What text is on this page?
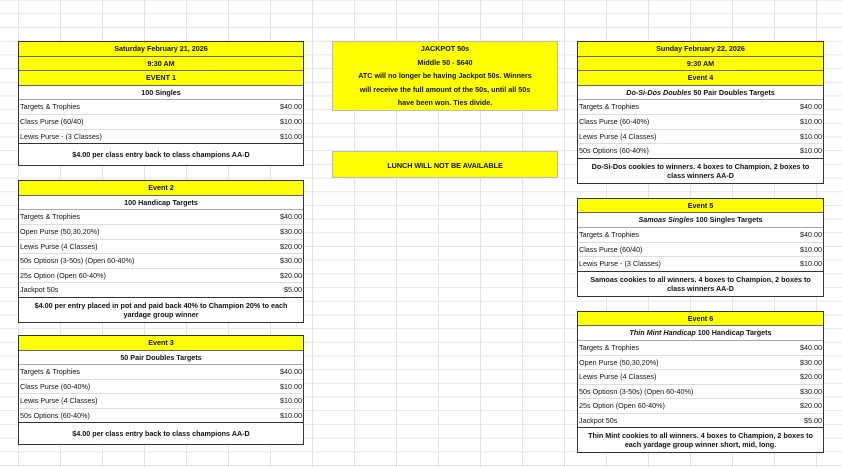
Saturday February 21, 2026
9:30 AM
EVENT 1
100 Singles
Targets & Trophies	$40.00
Class Purse (60/40)	$10.00
Lewis Purse - (3 Classes)	$10.00
$4.00 per class entry back to class champions AA-D
Event 2
100 Handicap Targets
Targets & Trophies	$40.00
Open Purse (50,30,20%)	$30.00
Lewis Purse (4 Classes)	$20.00
50s Optiosn (3-50s) (Open 60-40%)	$30.00
25s Option (Open 60-40%)	$20.00
Jackpot 50s	$5.00
$4.00 per entry placed in pot and paid back 40% to Champion 20% to each yardage group winner
Event 3
50 Pair Doubles Targets
Targets & Trophies	$40.00
Class Purse (60-40%)	$10.00
Lewis Purse (4 Classes)	$10.00
50s Options (60-40%)	$10.00
$4.00 per class entry back to class champions AA-D
JACKPOT 50s
Middle 50 - $640
ATC will no longer be having Jackpot 50s. Winners
will receive the full amount of the 50s, until all 50s
have been won. Ties divide.
LUNCH WILL NOT BE AVAILABLE
Sunday February 22, 2026
9:30 AM
Event 4
Do-Si-Dos Doubles 50 Pair Doubles Targets
Targets & Trophies	$40.00
Class Purse (60-40%)	$10.00
Lewis Purse (4 Classes)	$10.00
50s Options (60-40%)	$10.00
Do-Si-Dos cookies to winners. 4 boxes to Champion, 2 boxes to class winners AA-D
Event 5
Samoas Singles 100 Singles Targets
Targets & Trophies	$40.00
Class Purse (60/40)	$10.00
Lewis Purse - (3 Classes)	$10.00
Samoas cookies to all winners. 4 boxes to Champion, 2 boxes to class winners AA-D
Event 6
Thin Mint Handicap 100 Handicap Targets
Targets & Trophies	$40.00
Open Purse (50,30,20%)	$30.00
Lewis Purse (4 Classes)	$20.00
50s Optiosn (3-50s) (Open 60-40%)	$30.00
25s Option (Open 60-40%)	$20.00
Jackpot 50s	$5.00
Thin Mint cookies to all winners. 4 boxes to Champion, 2 boxes to each yardage group winner short, mid, long.
